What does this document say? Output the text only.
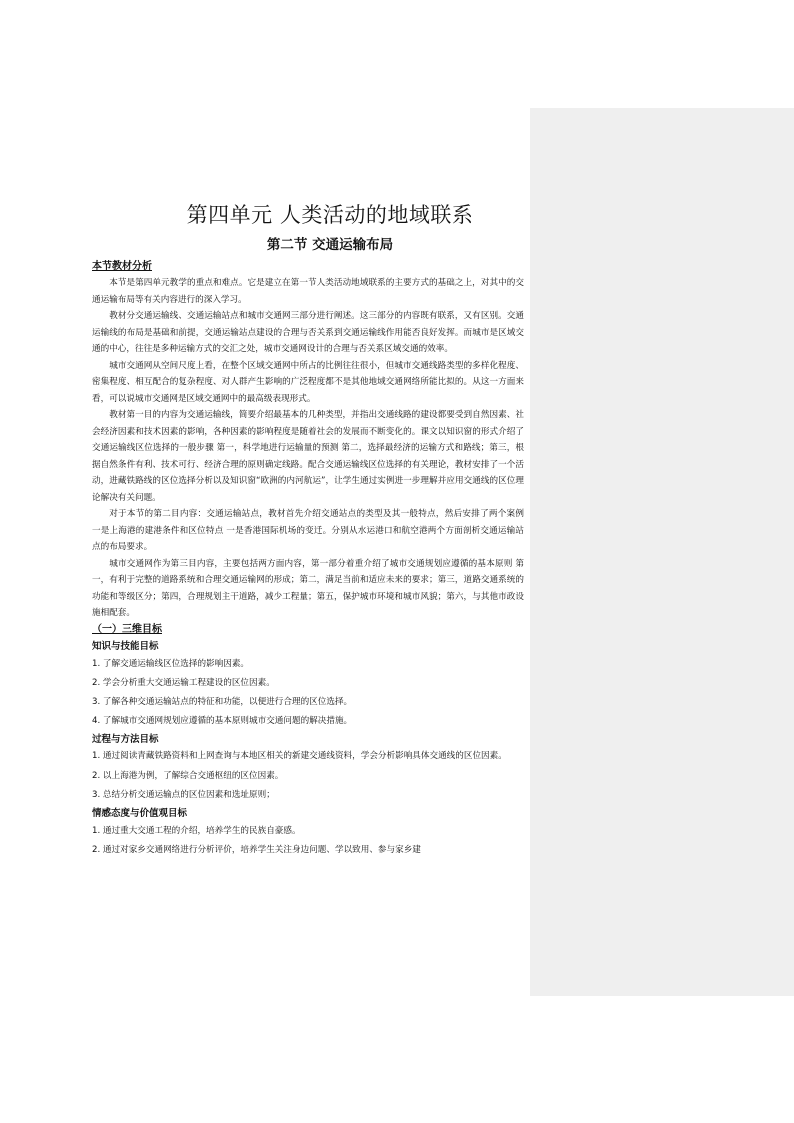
第四单元 人类活动的地域联系
第二节 交通运输布局
本节教材分析

本节是第四单元教学的重点和难点。它是建立在第一节人类活动地域联系的主要方式的基础之上，对其中的交通运输布局等有关内容进行的深入学习。

教材分交通运输线、交通运输站点和城市交通网三部分进行阐述。这三部分的内容既有联系，又有区别。交通运输线的布局是基础和前提，交通运输站点建设的合理与否关系到交通运输线作用能否良好发挥。而城市是区域交通的中心，往往是多种运输方式的交汇之处，城市交通网设计的合理与否关系区域交通的效率。

城市交通网从空间尺度上看，在整个区域交通网中所占的比例往往很小，但城市交通线路类型的多样化程度、密集程度、相互配合的复杂程度、对人群产生影响的广泛程度都不是其他地域交通网络所能比拟的。从这一方面来看，可以说城市交通网是区域交通网中的最高级表现形式。

教材第一目的内容为交通运输线，简要介绍最基本的几种类型，并指出交通线路的建设都要受到自然因素、社会经济因素和技术因素的影响，各种因素的影响程度是随着社会的发展而不断变化的。课文以知识窗的形式介绍了交通运输线区位选择的一般步骤 第一，科学地进行运输量的预测 第二，选择最经济的运输方式和路线；第三，根据自然条件有利、技术可行、经济合理的原则确定线路。配合交通运输线区位选择的有关理论，教材安排了一个活动，进藏铁路线的区位选择分析以及知识窗“欧洲的内河航运”，让学生通过实例进一步理解并应用交通线的区位理论解决有关问题。

对于本节的第二目内容：交通运输站点，教材首先介绍交通站点的类型及其一般特点，然后安排了两个案例 一是上海港的建港条件和区位特点 一是香港国际机场的变迁。分别从水运港口和航空港两个方面剖析交通运输站点的布局要求。

城市交通网作为第三目内容，主要包括两方面内容，第一部分着重介绍了城市交通规划应遵循的基本原则 第一，有利于完整的道路系统和合理交通运输网的形成；第二，满足当前和适应未来的要求；第三，道路交通系统的功能和等级区分；第四，合理规划主干道路，减少工程量；第五，保护城市环境和城市风貌；第六，与其他市政设施相配套。

（一）三维目标
知识与技能目标

1. 了解交通运输线区位选择的影响因素。

2. 学会分析重大交通运输工程建设的区位因素。

3. 了解各种交通运输站点的特征和功能，以便进行合理的区位选择。

4. 了解城市交通网规划应遵循的基本原则城市交通问题的解决措施。

过程与方法目标

1. 通过阅读青藏铁路资料和上网查询与本地区相关的新建交通线资料，学会分析影响具体交通线的区位因素。

2. 以上海港为例，了解综合交通枢纽的区位因素。

3. 总结分析交通运输点的区位因素和选址原则；

情感态度与价值观目标

1. 通过重大交通工程的介绍，培养学生的民族自豪感。

2. 通过对家乡交通网络进行分析评价，培养学生关注身边问题、学以致用、参与家乡建
